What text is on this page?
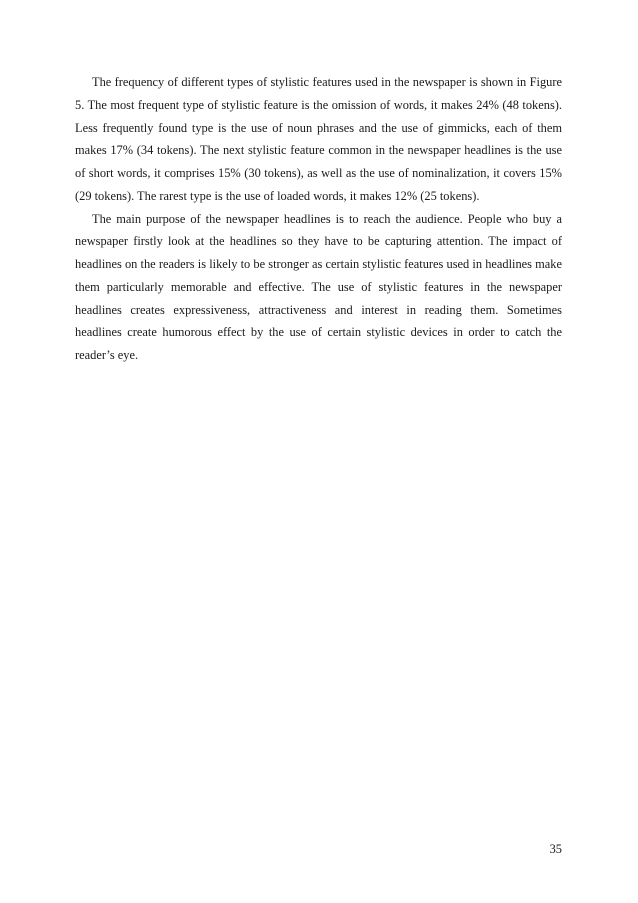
The frequency of different types of stylistic features used in the newspaper is shown in Figure 5. The most frequent type of stylistic feature is the omission of words, it makes 24% (48 tokens). Less frequently found type is the use of noun phrases and the use of gimmicks, each of them makes 17% (34 tokens). The next stylistic feature common in the newspaper headlines is the use of short words, it comprises 15% (30 tokens), as well as the use of nominalization, it covers 15% (29 tokens). The rarest type is the use of loaded words, it makes 12% (25 tokens).

The main purpose of the newspaper headlines is to reach the audience. People who buy a newspaper firstly look at the headlines so they have to be capturing attention. The impact of headlines on the readers is likely to be stronger as certain stylistic features used in headlines make them particularly memorable and effective. The use of stylistic features in the newspaper headlines creates expressiveness, attractiveness and interest in reading them. Sometimes headlines create humorous effect by the use of certain stylistic devices in order to catch the reader’s eye.

35
